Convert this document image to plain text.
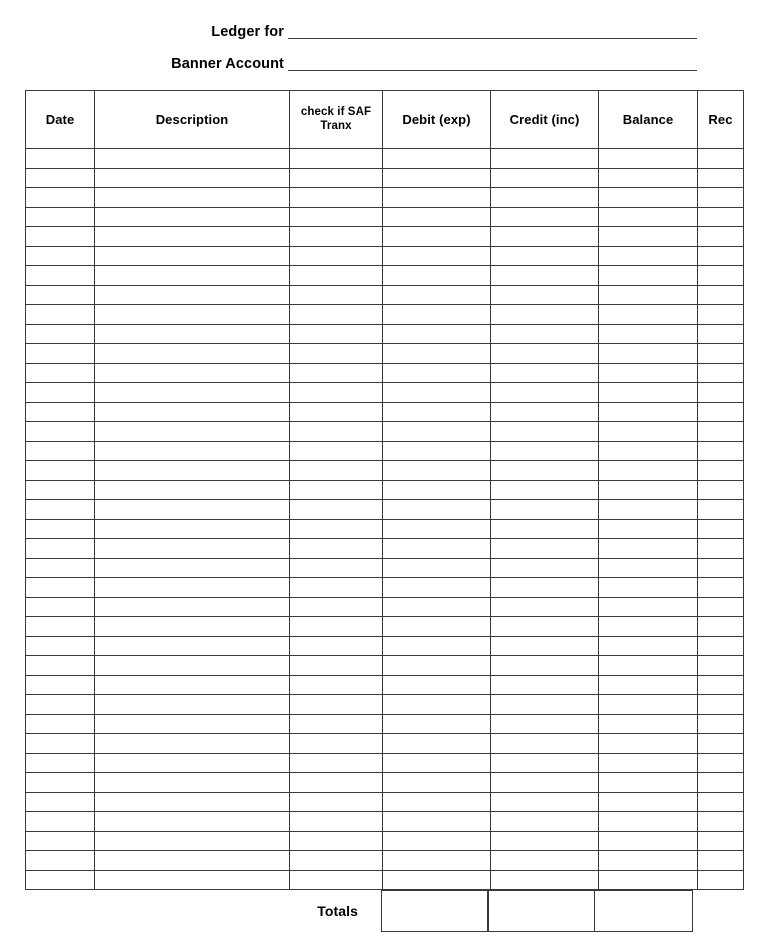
Ledger for
Banner Account
Date	Description	check if SAF Tranx	Debit (exp)	Credit (inc)	Balance	Rec

Totals
